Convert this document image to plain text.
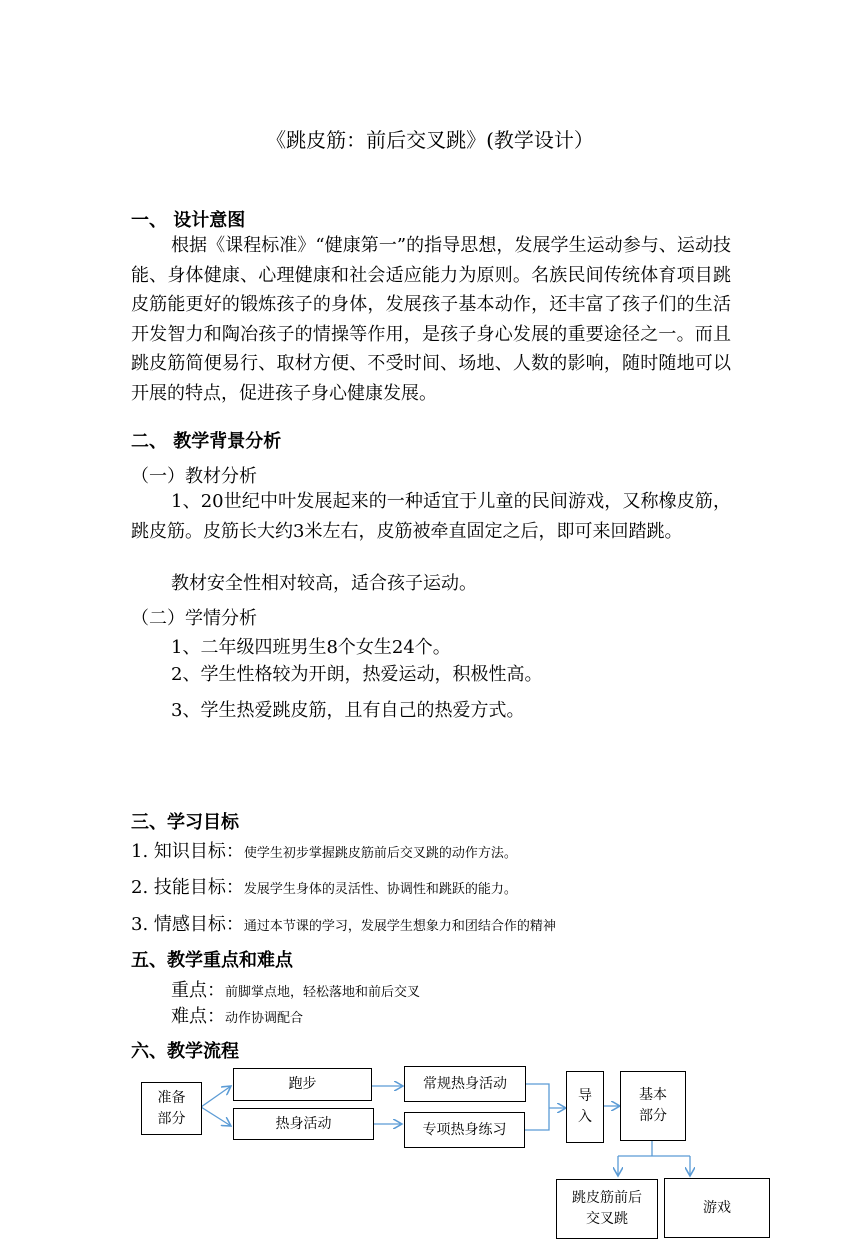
《跳皮筋：前后交叉跳》(教学设计）
一、 设计意图
根据《课程标准》“健康第一”的指导思想，发展学生运动参与、运动技能、身体健康、心理健康和社会适应能力为原则。名族民间传统体育项目跳皮筋能更好的锻炼孩子的身体，发展孩子基本动作，还丰富了孩子们的生活开发智力和陶冶孩子的情操等作用，是孩子身心发展的重要途径之一。而且跳皮筋简便易行、取材方便、不受时间、场地、人数的影响，随时随地可以开展的特点，促进孩子身心健康发展。
二、 教学背景分析
（一）教材分析
1、20世纪中叶发展起来的一种适宜于儿童的民间游戏，又称橡皮筋，跳皮筋。皮筋长大约3米左右，皮筋被牵直固定之后，即可来回踏跳。
教材安全性相对较高，适合孩子运动。
（二）学情分析
1、二年级四班男生8个女生24个。
2、学生性格较为开朗，热爱运动，积极性高。
3、学生热爱跳皮筋，且有自己的热爱方式。
三、学习目标
1. 知识目标：使学生初步掌握跳皮筋前后交叉跳的动作方法。
2. 技能目标：发展学生身体的灵活性、协调性和跳跃的能力。
3. 情感目标：通过本节课的学习，发展学生想象力和团结合作的精神
五、教学重点和难点
重点：前脚掌点地，轻松落地和前后交叉
难点：动作协调配合
六、教学流程
准备部分
跑步
热身活动
常规热身活动
专项热身练习
导入
基本部分
跳皮筋前后交叉跳
游戏
